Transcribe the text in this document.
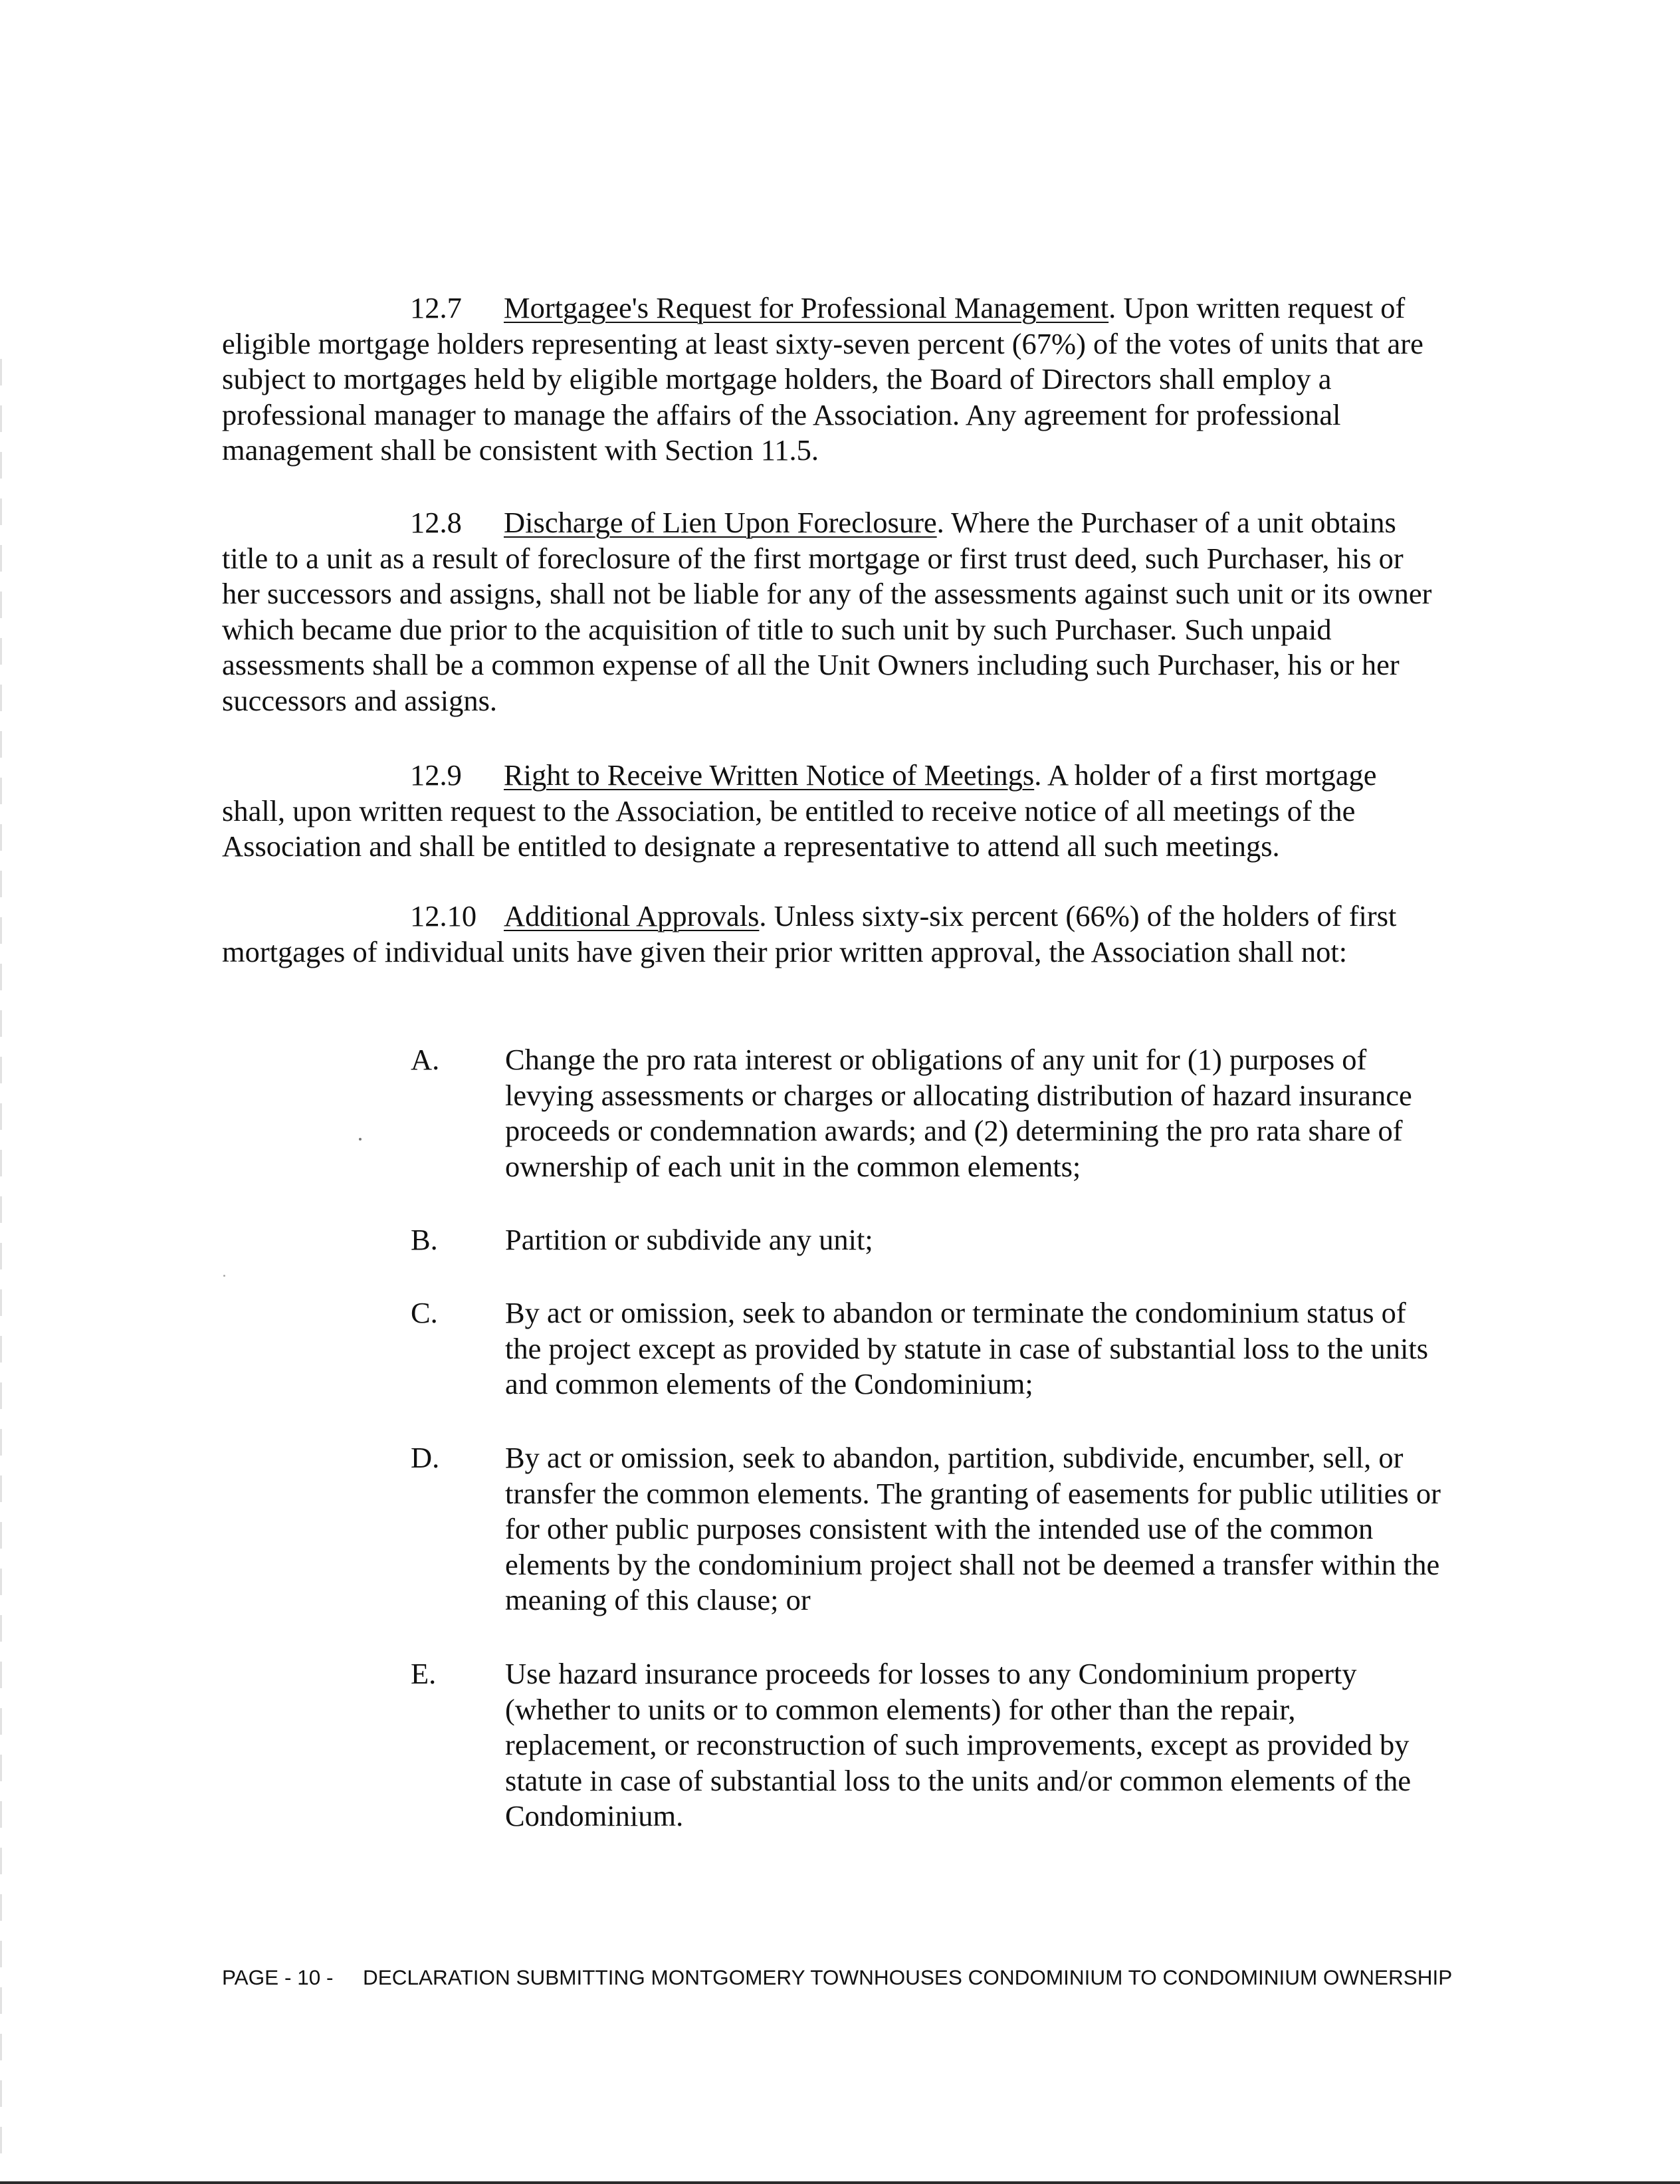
12.7 Mortgagee's Request for Professional Management. Upon written request of eligible mortgage holders representing at least sixty-seven percent (67%) of the votes of units that are subject to mortgages held by eligible mortgage holders, the Board of Directors shall employ a professional manager to manage the affairs of the Association. Any agreement for professional management shall be consistent with Section 11.5.
12.8 Discharge of Lien Upon Foreclosure. Where the Purchaser of a unit obtains title to a unit as a result of foreclosure of the first mortgage or first trust deed, such Purchaser, his or her successors and assigns, shall not be liable for any of the assessments against such unit or its owner which became due prior to the acquisition of title to such unit by such Purchaser. Such unpaid assessments shall be a common expense of all the Unit Owners including such Purchaser, his or her successors and assigns.
12.9 Right to Receive Written Notice of Meetings. A holder of a first mortgage shall, upon written request to the Association, be entitled to receive notice of all meetings of the Association and shall be entitled to designate a representative to attend all such meetings.
12.10 Additional Approvals. Unless sixty-six percent (66%) of the holders of first mortgages of individual units have given their prior written approval, the Association shall not:
A.	Change the pro rata interest or obligations of any unit for (1) purposes of levying assessments or charges or allocating distribution of hazard insurance proceeds or condemnation awards; and (2) determining the pro rata share of ownership of each unit in the common elements;
B.	Partition or subdivide any unit;
C.	By act or omission, seek to abandon or terminate the condominium status of the project except as provided by statute in case of substantial loss to the units and common elements of the Condominium;
D.	By act or omission, seek to abandon, partition, subdivide, encumber, sell, or transfer the common elements. The granting of easements for public utilities or for other public purposes consistent with the intended use of the common elements by the condominium project shall not be deemed a transfer within the meaning of this clause; or
E.	Use hazard insurance proceeds for losses to any Condominium property (whether to units or to common elements) for other than the repair, replacement, or reconstruction of such improvements, except as provided by statute in case of substantial loss to the units and/or common elements of the Condominium.
PAGE - 10 - DECLARATION SUBMITTING MONTGOMERY TOWNHOUSES CONDOMINIUM TO CONDOMINIUM OWNERSHIP
